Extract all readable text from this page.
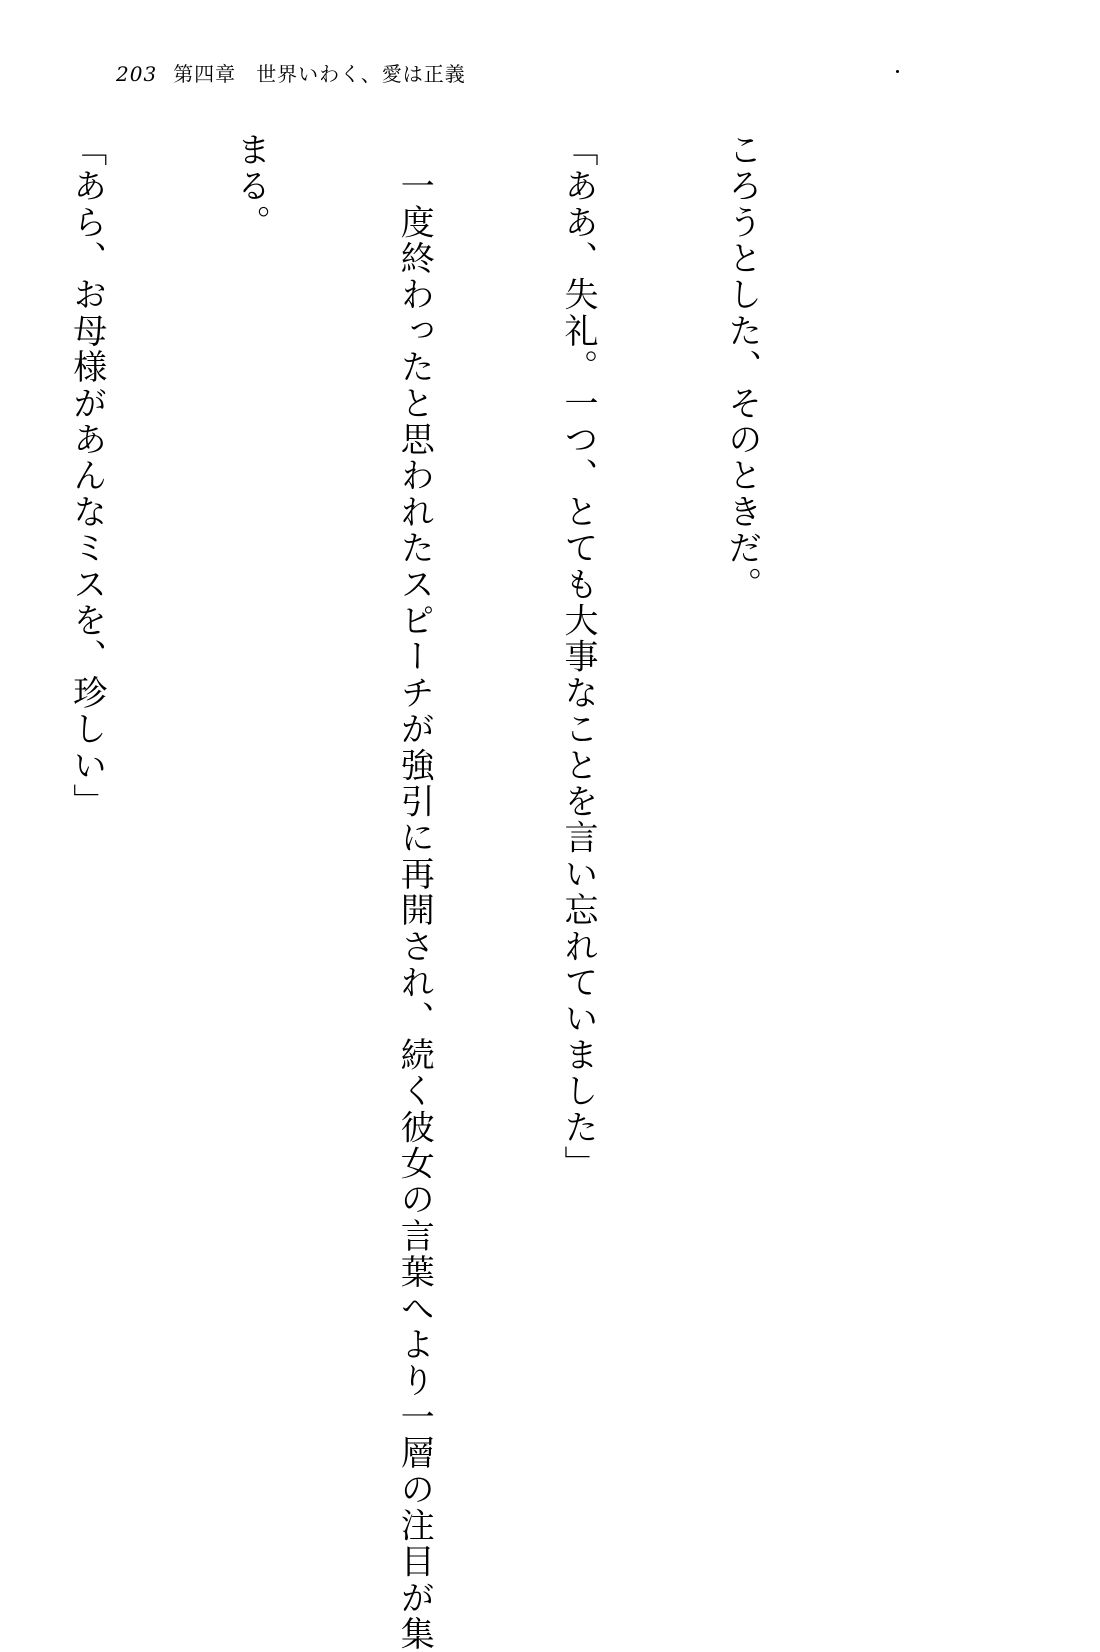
203 第四章 世界いわく、愛は正義

ころうとした、そのときだ。

「ああ、失礼。一つ、とても大事なことを言い忘れていました」

　一度終わったと思われたスピーチが強引に再開され、続く彼女の言葉へより一層の注目が集

まる。

「あら、お母様があんなミスを、珍しい」
